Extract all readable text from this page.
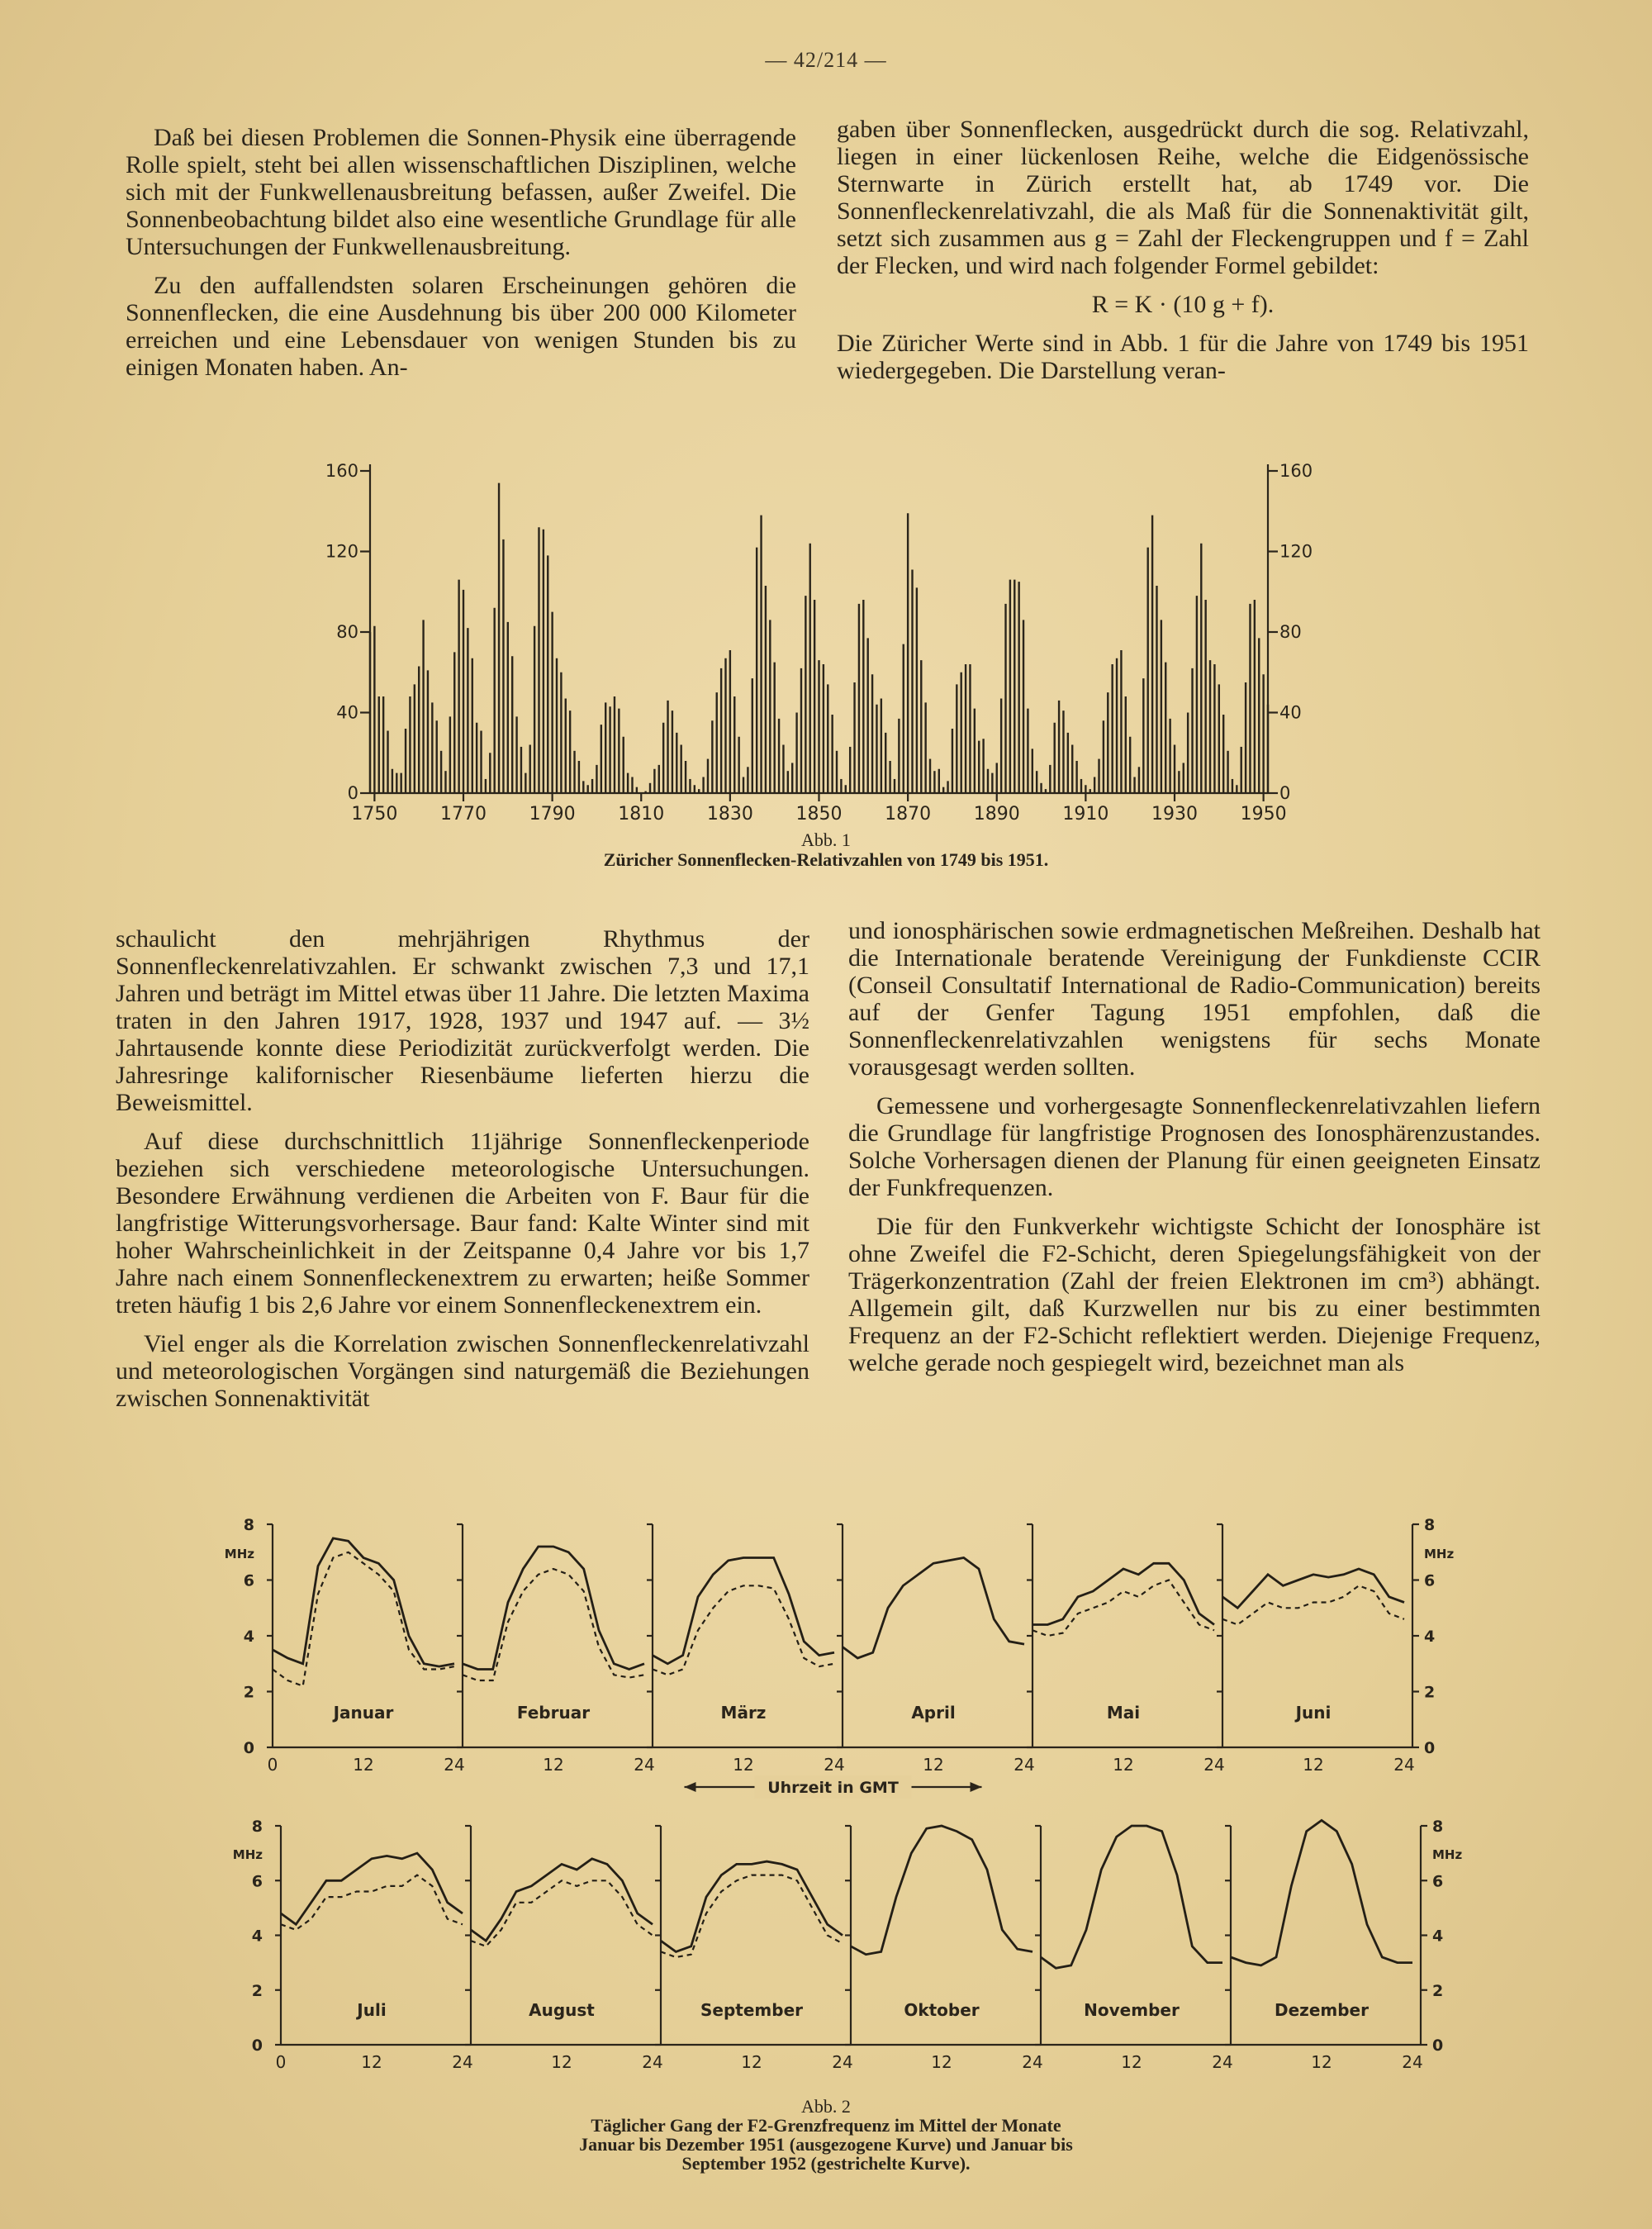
— 42/214 —

Daß bei diesen Problemen die Sonnen-Physik eine überragende Rolle spielt, steht bei allen wissenschaftlichen Disziplinen, welche sich mit der Funkwellenausbreitung befassen, außer Zweifel. Die Sonnenbeobachtung bildet also eine wesentliche Grundlage für alle Untersuchungen der Funkwellenausbreitung.

Zu den auffallendsten solaren Erscheinungen gehören die Sonnenflecken, die eine Ausdehnung bis über 200 000 Kilometer erreichen und eine Lebensdauer von wenigen Stunden bis zu einigen Monaten haben. An-

gaben über Sonnenflecken, ausgedrückt durch die sog. Relativzahl, liegen in einer lückenlosen Reihe, welche die Eidgenössische Sternwarte in Zürich erstellt hat, ab 1749 vor. Die Sonnenfleckenrelativzahl, die als Maß für die Sonnenaktivität gilt, setzt sich zusammen aus g = Zahl der Fleckengruppen und f = Zahl der Flecken, und wird nach folgender Formel gebildet:

R = K · (10 g + f).

Die Züricher Werte sind in Abb. 1 für die Jahre von 1749 bis 1951 wiedergegeben. Die Darstellung veran-

0
40
80
120
160
0
40
80
120
160
1750 1770 1790 1810 1830 1850 1870 1890 1910 1930 1950
Abb. 1
Züricher Sonnenflecken-Relativzahlen von 1749 bis 1951.

schaulicht den mehrjährigen Rhythmus der Sonnenfleckenrelativzahlen. Er schwankt zwischen 7,3 und 17,1 Jahren und beträgt im Mittel etwas über 11 Jahre. Die letzten Maxima traten in den Jahren 1917, 1928, 1937 und 1947 auf. — 3½ Jahrtausende konnte diese Periodizität zurückverfolgt werden. Die Jahresringe kalifornischer Riesenbäume lieferten hierzu die Beweismittel.

Auf diese durchschnittlich 11jährige Sonnenfleckenperiode beziehen sich verschiedene meteorologische Untersuchungen. Besondere Erwähnung verdienen die Arbeiten von F. Baur für die langfristige Witterungsvorhersage. Baur fand: Kalte Winter sind mit hoher Wahrscheinlichkeit in der Zeitspanne 0,4 Jahre vor bis 1,7 Jahre nach einem Sonnenfleckenextrem zu erwarten; heiße Sommer treten häufig 1 bis 2,6 Jahre vor einem Sonnenfleckenextrem ein.

Viel enger als die Korrelation zwischen Sonnenfleckenrelativzahl und meteorologischen Vorgängen sind naturgemäß die Beziehungen zwischen Sonnenaktivität

und ionosphärischen sowie erdmagnetischen Meßreihen. Deshalb hat die Internationale beratende Vereinigung der Funkdienste CCIR (Conseil Consultatif International de Radio-Communication) bereits auf der Genfer Tagung 1951 empfohlen, daß die Sonnenfleckenrelativzahlen wenigstens für sechs Monate vorausgesagt werden sollten.

Gemessene und vorhergesagte Sonnenfleckenrelativzahlen liefern die Grundlage für langfristige Prognosen des Ionosphärenzustandes. Solche Vorhersagen dienen der Planung für einen geeigneten Einsatz der Funkfrequenzen.

Die für den Funkverkehr wichtigste Schicht der Ionosphäre ist ohne Zweifel die F2-Schicht, deren Spiegelungsfähigkeit von der Trägerkonzentration (Zahl der freien Elektronen im cm³) abhängt. Allgemein gilt, daß Kurzwellen nur bis zu einer bestimmten Frequenz an der F2-Schicht reflektiert werden. Diejenige Frequenz, welche gerade noch gespiegelt wird, bezeichnet man als

Januar
0	12	24
Februar
12	24
März
12	24
April
12	24
Mai
12	24
Juni
12	24
0
2
4
6
8
MHz
0
2
4
6
8
MHz
Uhrzeit in GMT
Juli
0	12	24
August
12	24
September
12	24
Oktober
12	24
November
12	24
Dezember
12	24
0
2
4
6
8
MHz
0
2
4
6
8
MHz
Abb. 2
Täglicher Gang der F2-Grenzfrequenz im Mittel der Monate
Januar bis Dezember 1951 (ausgezogene Kurve) und Januar bis
September 1952 (gestrichelte Kurve).
